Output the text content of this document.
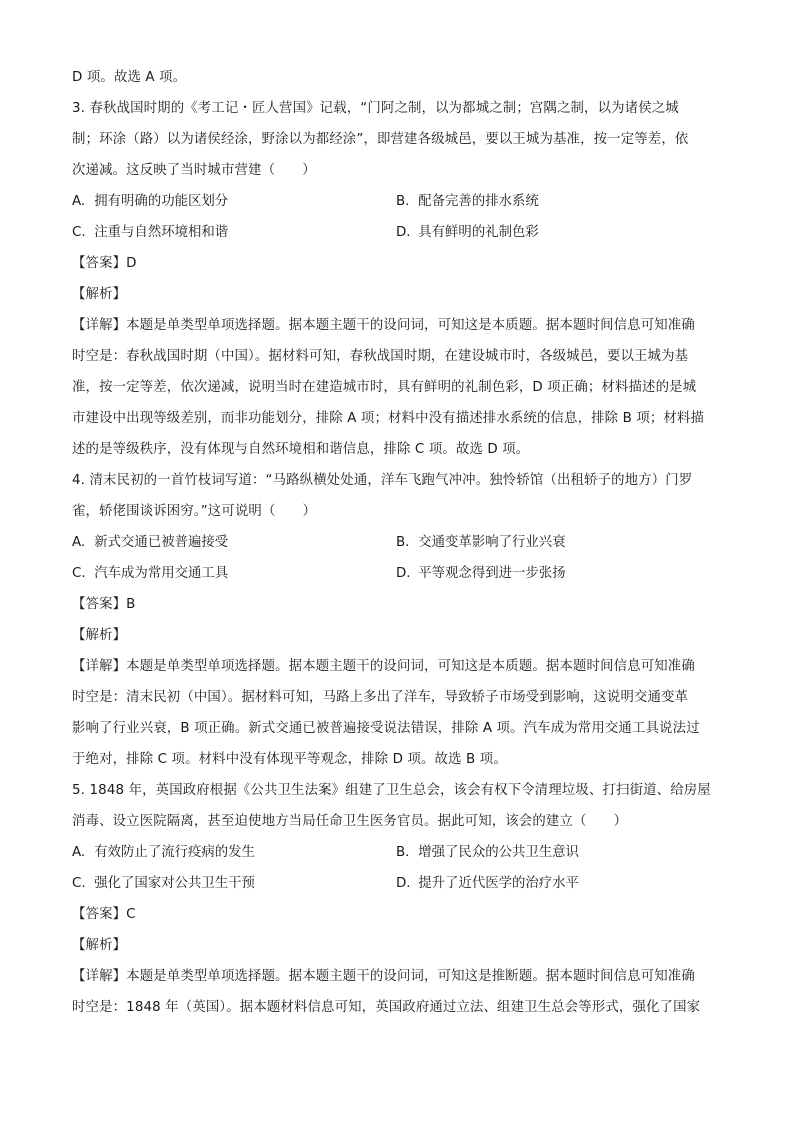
D 项。故选 A 项。
3. 春秋战国时期的《考工记・匠人营国》记载，“门阿之制，以为都城之制；宫隅之制，以为诸侯之城
制；环涂（路）以为诸侯经涂，野涂以为都经涂”，即营建各级城邑，要以王城为基准，按一定等差，依
次递减。这反映了当时城市营建（　　）
A. 拥有明确的功能区划分	B. 配备完善的排水系统
C. 注重与自然环境相和谐	D. 具有鲜明的礼制色彩
【答案】D
【解析】
【详解】本题是单类型单项选择题。据本题主题干的设问词，可知这是本质题。据本题时间信息可知准确
时空是：春秋战国时期（中国）。据材料可知，春秋战国时期，在建设城市时，各级城邑，要以王城为基
准，按一定等差，依次递减，说明当时在建造城市时，具有鲜明的礼制色彩，D 项正确；材料描述的是城
市建设中出现等级差别，而非功能划分，排除 A 项；材料中没有描述排水系统的信息，排除 B 项；材料描
述的是等级秩序，没有体现与自然环境相和谐信息，排除 C 项。故选 D 项。
4. 清末民初的一首竹枝词写道：“马路纵横处处通，洋车飞跑气冲冲。独怜轿馆（出租轿子的地方）门罗
雀，轿佬围谈诉困穷。”这可说明（　　）
A. 新式交通已被普遍接受	B. 交通变革影响了行业兴衰
C. 汽车成为常用交通工具	D. 平等观念得到进一步张扬
【答案】B
【解析】
【详解】本题是单类型单项选择题。据本题主题干的设问词，可知这是本质题。据本题时间信息可知准确
时空是：清末民初（中国）。据材料可知，马路上多出了洋车，导致轿子市场受到影响，这说明交通变革
影响了行业兴衰，B 项正确。新式交通已被普遍接受说法错误，排除 A 项。汽车成为常用交通工具说法过
于绝对，排除 C 项。材料中没有体现平等观念，排除 D 项。故选 B 项。
5. 1848 年，英国政府根据《公共卫生法案》组建了卫生总会，该会有权下令清理垃圾、打扫街道、给房屋
消毒、设立医院隔离，甚至迫使地方当局任命卫生医务官员。据此可知，该会的建立（　　）
A. 有效防止了流行疫病的发生	B. 增强了民众的公共卫生意识
C. 强化了国家对公共卫生干预	D. 提升了近代医学的治疗水平
【答案】C
【解析】
【详解】本题是单类型单项选择题。据本题主题干的设问词，可知这是推断题。据本题时间信息可知准确
时空是：1848 年（英国）。据本题材料信息可知，英国政府通过立法、组建卫生总会等形式，强化了国家
